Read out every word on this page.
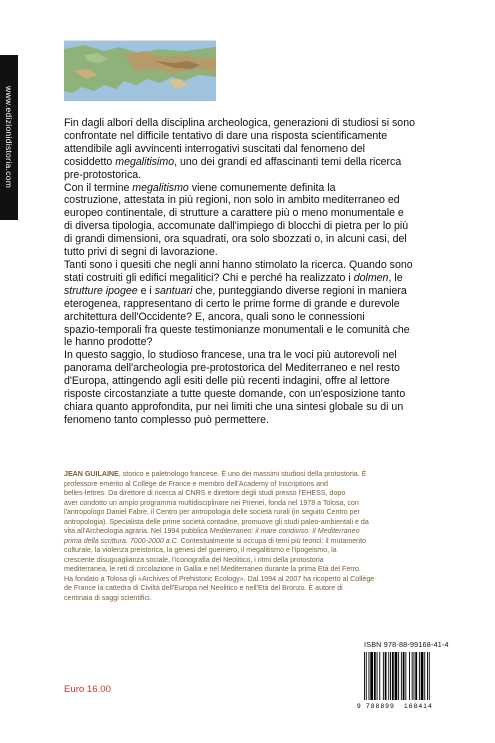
www.edizionidistoria.com	Fin dagli albori della disciplina archeologica, generazioni di studiosi si sono
confrontate nel difficile tentativo di dare una risposta scientificamente
attendibile agli avvincenti interrogativi suscitati dal fenomeno del
cosiddetto megalitisimo, uno dei grandi ed affascinanti temi della ricerca
pre-protostorica.

Con il termine megalitismo viene comunemente definita la
costruzione, attestata in più regioni, non solo in ambito mediterraneo ed
europeo continentale, di strutture a carattere più o meno monumentale e
di diversa tipologia, accomunate dall'impiego di blocchi di pietra per lo più
di grandi dimensioni, ora squadrati, ora solo sbozzati o, in alcuni casi, del
tutto privi di segni di lavorazione.

Tanti sono i quesiti che negli anni hanno stimolato la ricerca. Quando sono
stati costruiti gli edifici megalitici? Chi e perché ha realizzato i dolmen, le
strutture ipogee e i santuari che, punteggiando diverse regioni in maniera
eterogenea, rappresentano di certo le prime forme di grande e durevole
architettura dell'Occidente? E, ancora, quali sono le connessioni
spazio-temporali fra queste testimonianze monumentali e le comunità che
le hanno prodotte?

In questo saggio, lo studioso francese, una tra le voci più autorevoli nel
panorama dell'archeologia pre-protostorica del Mediterraneo e nel resto
d'Europa, attingendo agli esiti delle più recenti indagini, offre al lettore
risposte circostanziate a tutte queste domande, con un'esposizione tanto
chiara quanto approfondita, pur nei limiti che una sintesi globale su di un
fenomeno tanto complesso può permettere.

JEAN GUILAINE, storico e paletnologo francese. È uno dei massimi studiosi della protostoria. È
professore emerito al College de France e membro dell'Academy of Inscriptions and
belles-lettres. Da direttore di ricerca al CNRS e direttore degli studi presso l'EHESS, dopo
aver condotto un ampio programma multidisciplinare nei Pirenei, fonda nel 1978 a Tolosa, con
l'antropologo Daniel Fabre, il Centro per antropologia delle società rurali (in seguito Centro per
antropologia). Specialista delle prime società contadine, promuove gli studi paleo-ambientali e da
vita all'Archeologia agraria. Nel 1994 pubblica Mediterraneo: il mare condiviso. Il Mediterraneo
prima della scrittura. 7000-2000 a.C. Contestualmente si occupa di temi più teorici: il mutamento
culturale, la violenza preistorica, la genesi del guerriero, il megalitismo e l'ipogeismo, la
crescente disuguaglianza sociale, l'iconografia del Neolitico, i ritmi della protostoria
mediterranea, le reti di circolazione in Gallia e nel Mediterraneo durante la prima Età del Ferro.
Ha fondato a Tolosa gli «Archives of Prehistoric Ecology». Dal 1994 al 2007 ha ricoperto al Collège
de France la cattedra di Civiltà dell'Europa nel Neolitico e nell'Età del Bronzo. È autore di
centinaia di saggi scientifici.
Euro 16.00
ISBN 978-88-99168-41-4
9 788899 168414
